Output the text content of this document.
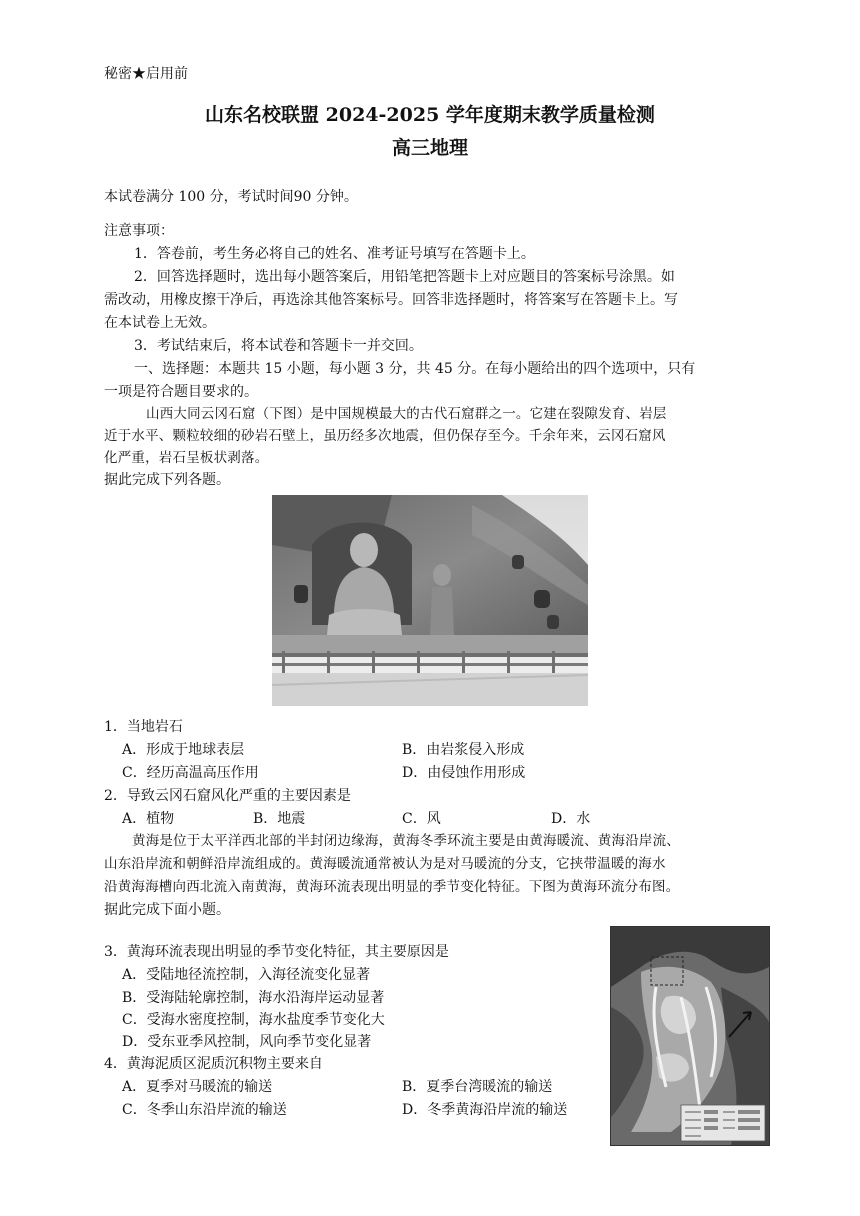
秘密★启用前
山东名校联盟 2024-2025 学年度期末教学质量检测
高三地理
本试卷满分 100 分，考试时间90 分钟。
注意事项：
1．答卷前，考生务必将自己的姓名、准考证号填写在答题卡上。
2．回答选择题时，选出每小题答案后，用铅笔把答题卡上对应题目的答案标号涂黑。如
需改动，用橡皮擦干净后，再选涂其他答案标号。回答非选择题时，将答案写在答题卡上。写
在本试卷上无效。
3．考试结束后，将本试卷和答题卡一并交回。
一、选择题：本题共 15 小题，每小题 3 分，共 45 分。在每小题给出的四个选项中，只有
一项是符合题目要求的。
山西大同云冈石窟（下图）是中国规模最大的古代石窟群之一。它建在裂隙发育、岩层
近于水平、颗粒较细的砂岩石壁上，虽历经多次地震，但仍保存至今。千余年来，云冈石窟风
化严重，岩石呈板状剥落。
据此完成下列各题。
1．当地岩石
A．形成于地球表层	B．由岩浆侵入形成
C．经历高温高压作用	D．由侵蚀作用形成
2．导致云冈石窟风化严重的主要因素是
A．植物	B．地震	C．风	D．水
黄海是位于太平洋西北部的半封闭边缘海，黄海冬季环流主要是由黄海暖流、黄海沿岸流、
山东沿岸流和朝鲜沿岸流组成的。黄海暖流通常被认为是对马暖流的分支，它挟带温暖的海水
沿黄海海槽向西北流入南黄海，黄海环流表现出明显的季节变化特征。下图为黄海环流分布图。
据此完成下面小题。
3．黄海环流表现出明显的季节变化特征，其主要原因是
A．受陆地径流控制，入海径流变化显著
B．受海陆轮廓控制，海水沿海岸运动显著
C．受海水密度控制，海水盐度季节变化大
D．受东亚季风控制，风向季节变化显著
4．黄海泥质区泥质沉积物主要来自
A．夏季对马暖流的输送	B．夏季台湾暖流的输送
C．冬季山东沿岸流的输送	D．冬季黄海沿岸流的输送
